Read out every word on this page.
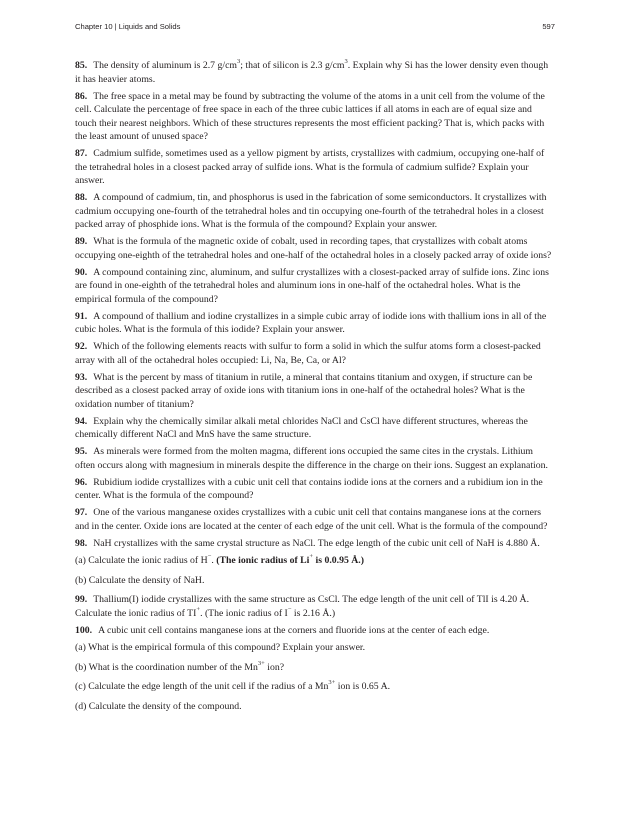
Chapter 10 | Liquids and Solids	597

85. The density of aluminum is 2.7 $g/cm^3$; that of silicon is 2.3 $g/cm^3$. Explain why Si has the lower density even though it has heavier atoms.

86. The free space in a metal may be found by subtracting the volume of the atoms in a unit cell from the volume of the cell. Calculate the percentage of free space in each of the three cubic lattices if all atoms in each are of equal size and touch their nearest neighbors. Which of these structures represents the most efficient packing? That is, which packs with the least amount of unused space?

87. Cadmium sulfide, sometimes used as a yellow pigment by artists, crystallizes with cadmium, occupying one-half of the tetrahedral holes in a closest packed array of sulfide ions. What is the formula of cadmium sulfide? Explain your answer.

88. A compound of cadmium, tin, and phosphorus is used in the fabrication of some semiconductors. It crystallizes with cadmium occupying one-fourth of the tetrahedral holes and tin occupying one-fourth of the tetrahedral holes in a closest packed array of phosphide ions. What is the formula of the compound? Explain your answer.

89. What is the formula of the magnetic oxide of cobalt, used in recording tapes, that crystallizes with cobalt atoms occupying one-eighth of the tetrahedral holes and one-half of the octahedral holes in a closely packed array of oxide ions?

90. A compound containing zinc, aluminum, and sulfur crystallizes with a closest-packed array of sulfide ions. Zinc ions are found in one-eighth of the tetrahedral holes and aluminum ions in one-half of the octahedral holes. What is the empirical formula of the compound?

91. A compound of thallium and iodine crystallizes in a simple cubic array of iodide ions with thallium ions in all of the cubic holes. What is the formula of this iodide? Explain your answer.

92. Which of the following elements reacts with sulfur to form a solid in which the sulfur atoms form a closest-packed array with all of the octahedral holes occupied: Li, Na, Be, Ca, or Al?

93. What is the percent by mass of titanium in rutile, a mineral that contains titanium and oxygen, if structure can be described as a closest packed array of oxide ions with titanium ions in one-half of the octahedral holes? What is the oxidation number of titanium?

94. Explain why the chemically similar alkali metal chlorides NaCl and CsCl have different structures, whereas the chemically different NaCl and MnS have the same structure.

95. As minerals were formed from the molten magma, different ions occupied the same cites in the crystals. Lithium often occurs along with magnesium in minerals despite the difference in the charge on their ions. Suggest an explanation.

96. Rubidium iodide crystallizes with a cubic unit cell that contains iodide ions at the corners and a rubidium ion in the center. What is the formula of the compound?

97. One of the various manganese oxides crystallizes with a cubic unit cell that contains manganese ions at the corners and in the center. Oxide ions are located at the center of each edge of the unit cell. What is the formula of the compound?

98. NaH crystallizes with the same crystal structure as NaCl. The edge length of the cubic unit cell of NaH is 4.880 Å.

(a) Calculate the ionic radius of H−. (The ionic radius of Li+ is 0.0.95 Å.)

(b) Calculate the density of NaH.

99. Thallium(I) iodide crystallizes with the same structure as CsCl. The edge length of the unit cell of TlI is 4.20 Å. Calculate the ionic radius of TI+. (The ionic radius of I− is 2.16 Å.)

100. A cubic unit cell contains manganese ions at the corners and fluoride ions at the center of each edge.

(a) What is the empirical formula of this compound? Explain your answer.

(b) What is the coordination number of the $Mn^{3+}$ ion?

(c) Calculate the edge length of the unit cell if the radius of a $Mn^{3+}$ ion is 0.65 A.

(d) Calculate the density of the compound.
